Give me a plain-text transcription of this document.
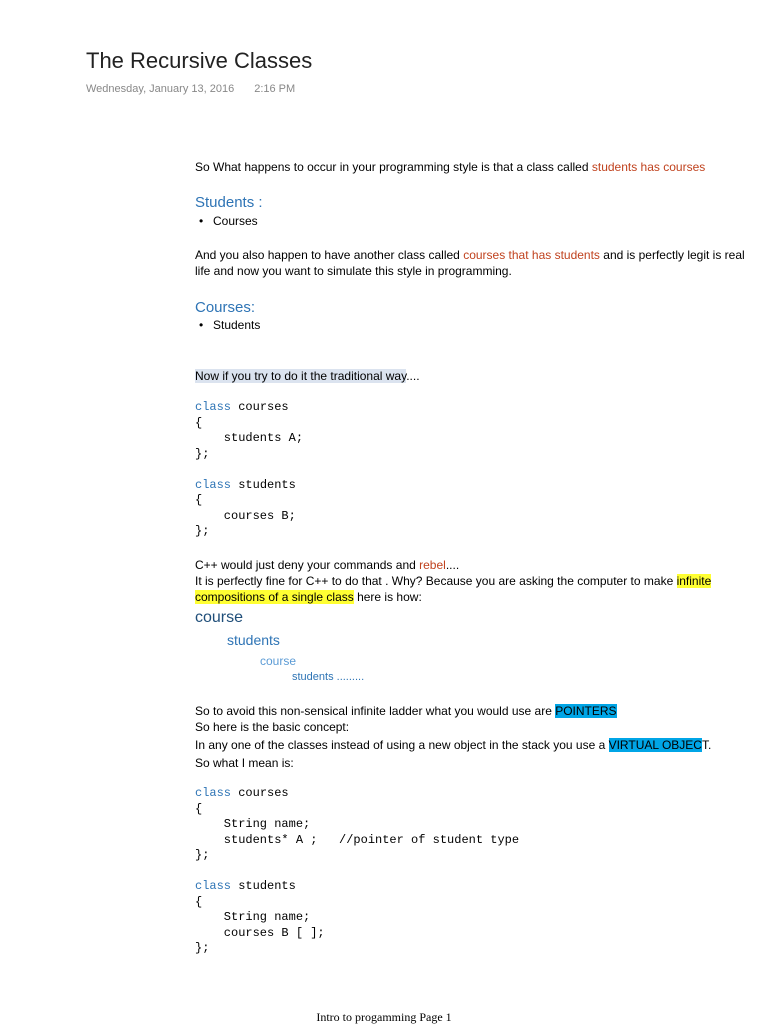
The Recursive Classes
Wednesday, January 13, 2016 2:16 PM
So What happens to occur in your programming style is that a class called students has courses
Students :
• Courses
And you also happen to have another class called courses that has students and is perfectly legit is real
life and now you want to simulate this style in programming.
Courses:
• Students
Now if you try to do it the traditional way....
class courses
{
students A;
};

class students
{
courses B;
};
C++ would just deny your commands and rebel....
It is perfectly fine for C++ to do that . Why? Because you are asking the computer to make infinite
compositions of a single class here is how:
course
students
course
students .........
So to avoid this non-sensical infinite ladder what you would use are POINTERS
So here is the basic concept:
In any one of the classes instead of using a new object in the stack you use a VIRTUAL OBJECT.
So what I mean is:
class courses
{
String name;
students* A ;   //pointer of student type
};

class students
{
String name;
courses B [ ];
};
Intro to progamming Page 1
